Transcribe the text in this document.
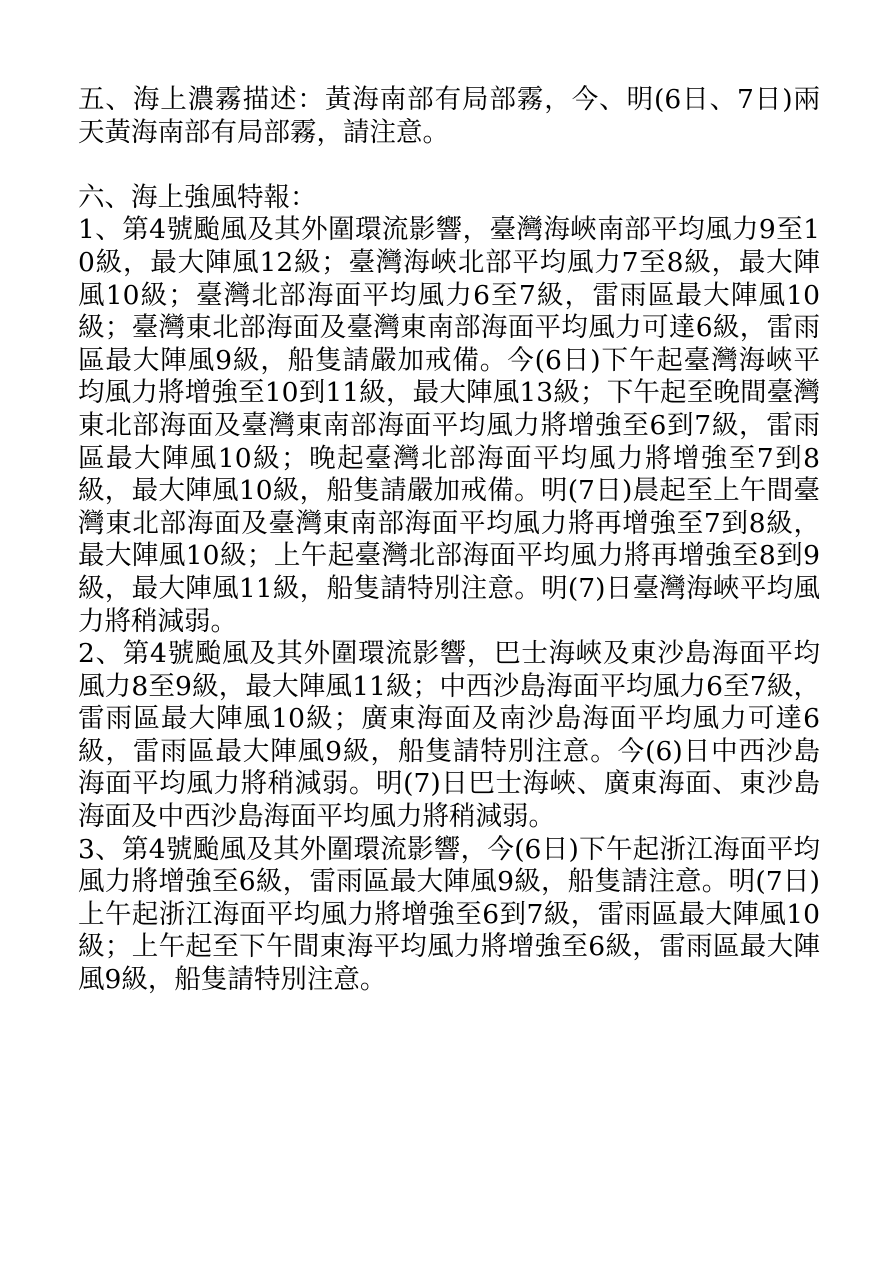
五、海上濃霧描述：黃海南部有局部霧，今、明(6日、7日)兩天黃海南部有局部霧，請注意。

六、海上強風特報：

1、第4號颱風及其外圍環流影響，臺灣海峽南部平均風力9至10級，最大陣風12級；臺灣海峽北部平均風力7至8級，最大陣風10級；臺灣北部海面平均風力6至7級，雷雨區最大陣風10級；臺灣東北部海面及臺灣東南部海面平均風力可達6級，雷雨區最大陣風9級，船隻請嚴加戒備。今(6日)下午起臺灣海峽平均風力將增強至10到11級，最大陣風13級；下午起至晚間臺灣東北部海面及臺灣東南部海面平均風力將增強至6到7級，雷雨區最大陣風10級；晚起臺灣北部海面平均風力將增強至7到8級，最大陣風10級，船隻請嚴加戒備。明(7日)晨起至上午間臺灣東北部海面及臺灣東南部海面平均風力將再增強至7到8級，最大陣風10級；上午起臺灣北部海面平均風力將再增強至8到9級，最大陣風11級，船隻請特別注意。明(7)日臺灣海峽平均風力將稍減弱。

2、第4號颱風及其外圍環流影響，巴士海峽及東沙島海面平均風力8至9級，最大陣風11級；中西沙島海面平均風力6至7級，雷雨區最大陣風10級；廣東海面及南沙島海面平均風力可達6級，雷雨區最大陣風9級，船隻請特別注意。今(6)日中西沙島海面平均風力將稍減弱。明(7)日巴士海峽、廣東海面、東沙島海面及中西沙島海面平均風力將稍減弱。

3、第4號颱風及其外圍環流影響，今(6日)下午起浙江海面平均風力將增強至6級，雷雨區最大陣風9級，船隻請注意。明(7日)上午起浙江海面平均風力將增強至6到7級，雷雨區最大陣風10級；上午起至下午間東海平均風力將增強至6級，雷雨區最大陣風9級，船隻請特別注意。
